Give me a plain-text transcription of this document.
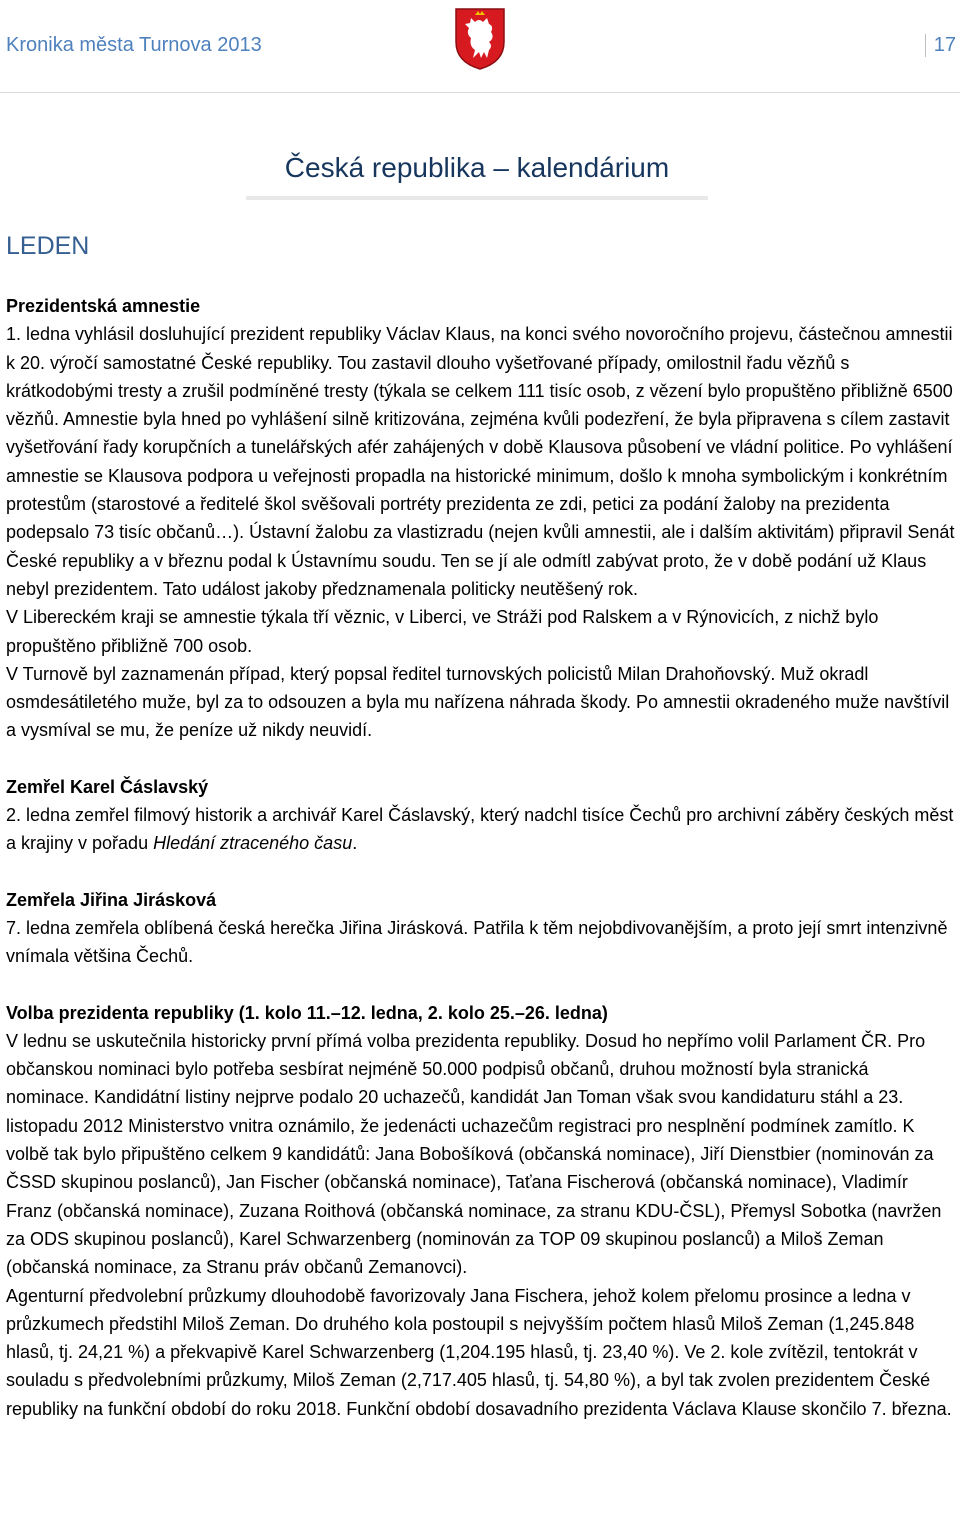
Kronika města Turnova 2013	17
Česká republika – kalendárium
LEDEN
Prezidentská amnestie

1. ledna vyhlásil dosluhující prezident republiky Václav Klaus, na konci svého novoročního projevu, částečnou amnestii k 20. výročí samostatné České republiky. Tou zastavil dlouho vyšetřované případy, omilostnil řadu vězňů s krátkodobými tresty a zrušil podmíněné tresty (týkala se celkem 111 tisíc osob, z vězení bylo propuštěno přibližně 6500 vězňů. Amnestie byla hned po vyhlášení silně kritizována, zejména kvůli podezření, že byla připravena s cílem zastavit vyšetřování řady korupčních a tunelářských afér zahájených v době Klausova působení ve vládní politice. Po vyhlášení amnestie se Klausova podpora u veřejnosti propadla na historické minimum, došlo k mnoha symbolickým i konkrétním protestům (starostové a ředitelé škol svěšovali portréty prezidenta ze zdi, petici za podání žaloby na prezidenta podepsalo 73 tisíc občanů…). Ústavní žalobu za vlastizradu (nejen kvůli amnestii, ale i dalším aktivitám) připravil Senát České republiky a v březnu podal k Ústavnímu soudu. Ten se jí ale odmítl zabývat proto, že v době podání už Klaus nebyl prezidentem. Tato událost jakoby předznamenala politicky neutěšený rok.

V Libereckém kraji se amnestie týkala tří věznic, v Liberci, ve Stráži pod Ralskem a v Rýnovicích, z nichž bylo propuštěno přibližně 700 osob.

V Turnově byl zaznamenán případ, který popsal ředitel turnovských policistů Milan Drahoňovský. Muž okradl osmdesátiletého muže, byl za to odsouzen a byla mu nařízena náhrada škody. Po amnestii okradeného muže navštívil a vysmíval se mu, že peníze už nikdy neuvidí.

Zemřel Karel Čáslavský

2. ledna zemřel filmový historik a archivář Karel Čáslavský, který nadchl tisíce Čechů pro archivní záběry českých měst a krajiny v pořadu Hledání ztraceného času.

Zemřela Jiřina Jirásková

7. ledna zemřela oblíbená česká herečka Jiřina Jirásková. Patřila k těm nejobdivovanějším, a proto její smrt intenzivně vnímala většina Čechů.

Volba prezidenta republiky (1. kolo 11.–12. ledna, 2. kolo 25.–26. ledna)

V lednu se uskutečnila historicky první přímá volba prezidenta republiky. Dosud ho nepřímo volil Parlament ČR. Pro občanskou nominaci bylo potřeba sesbírat nejméně 50.000 podpisů občanů, druhou možností byla stranická nominace. Kandidátní listiny nejprve podalo 20 uchazečů, kandidát Jan Toman však svou kandidaturu stáhl a 23. listopadu 2012 Ministerstvo vnitra oznámilo, že jedenácti uchazečům registraci pro nesplnění podmínek zamítlo. K volbě tak bylo připuštěno celkem 9 kandidátů: Jana Bobošíková (občanská nominace), Jiří Dienstbier (nominován za ČSSD skupinou poslanců), Jan Fischer (občanská nominace), Taťana Fischerová (občanská nominace), Vladimír Franz (občanská nominace), Zuzana Roithová (občanská nominace, za stranu KDU-ČSL), Přemysl Sobotka (navržen za ODS skupinou poslanců), Karel Schwarzenberg (nominován za TOP 09 skupinou poslanců) a Miloš Zeman (občanská nominace, za Stranu práv občanů Zemanovci).

Agenturní předvolební průzkumy dlouhodobě favorizovaly Jana Fischera, jehož kolem přelomu prosince a ledna v průzkumech předstihl Miloš Zeman. Do druhého kola postoupil s nejvyšším počtem hlasů Miloš Zeman (1,245.848 hlasů, tj. 24,21 %) a překvapivě Karel Schwarzenberg (1,204.195 hlasů, tj. 23,40 %). Ve 2. kole zvítězil, tentokrát v souladu s předvolebními průzkumy, Miloš Zeman (2,717.405 hlasů, tj. 54,80 %), a byl tak zvolen prezidentem České republiky na funkční období do roku 2018. Funkční období dosavadního prezidenta Václava Klause skončilo 7. března.
